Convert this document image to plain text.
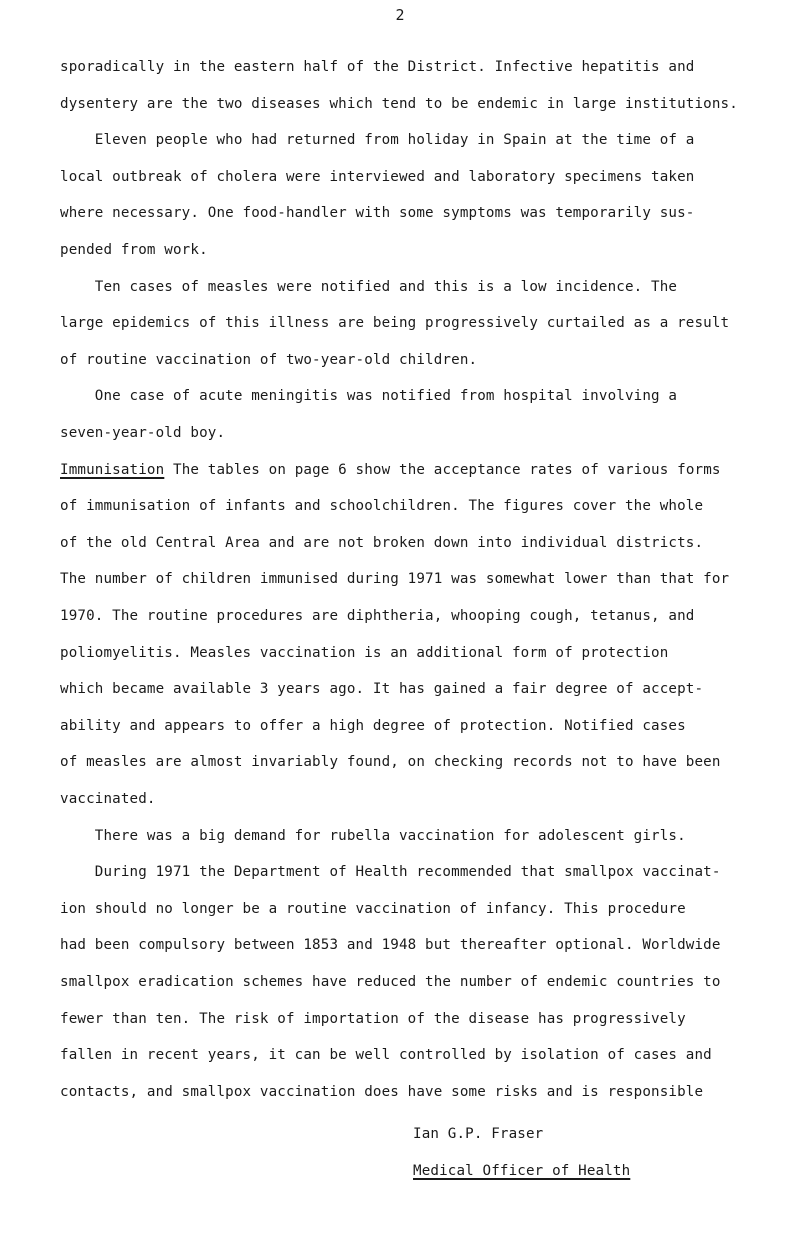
2
sporadically in the eastern half of the District. Infective hepatitis and
dysentery are the two diseases which tend to be endemic in large institutions.
Eleven people who had returned from holiday in Spain at the time of a
local outbreak of cholera were interviewed and laboratory specimens taken
where necessary. One food-handler with some symptoms was temporarily sus-
pended from work.
Ten cases of measles were notified and this is a low incidence. The
large epidemics of this illness are being progressively curtailed as a result
of routine vaccination of two-year-old children.
One case of acute meningitis was notified from hospital involving a
seven-year-old boy.
Immunisation The tables on page 6 show the acceptance rates of various forms
of immunisation of infants and schoolchildren. The figures cover the whole
of the old Central Area and are not broken down into individual districts.
The number of children immunised during 1971 was somewhat lower than that for
1970. The routine procedures are diphtheria, whooping cough, tetanus, and
poliomyelitis. Measles vaccination is an additional form of protection
which became available 3 years ago. It has gained a fair degree of accept-
ability and appears to offer a high degree of protection. Notified cases
of measles are almost invariably found, on checking records not to have been
vaccinated.
There was a big demand for rubella vaccination for adolescent girls.
During 1971 the Department of Health recommended that smallpox vaccinat-
ion should no longer be a routine vaccination of infancy. This procedure
had been compulsory between 1853 and 1948 but thereafter optional. Worldwide
smallpox eradication schemes have reduced the number of endemic countries to
fewer than ten. The risk of importation of the disease has progressively
fallen in recent years, it can be well controlled by isolation of cases and
contacts, and smallpox vaccination does have some risks and is responsible
Ian G.P. Fraser
Medical Officer of Health
